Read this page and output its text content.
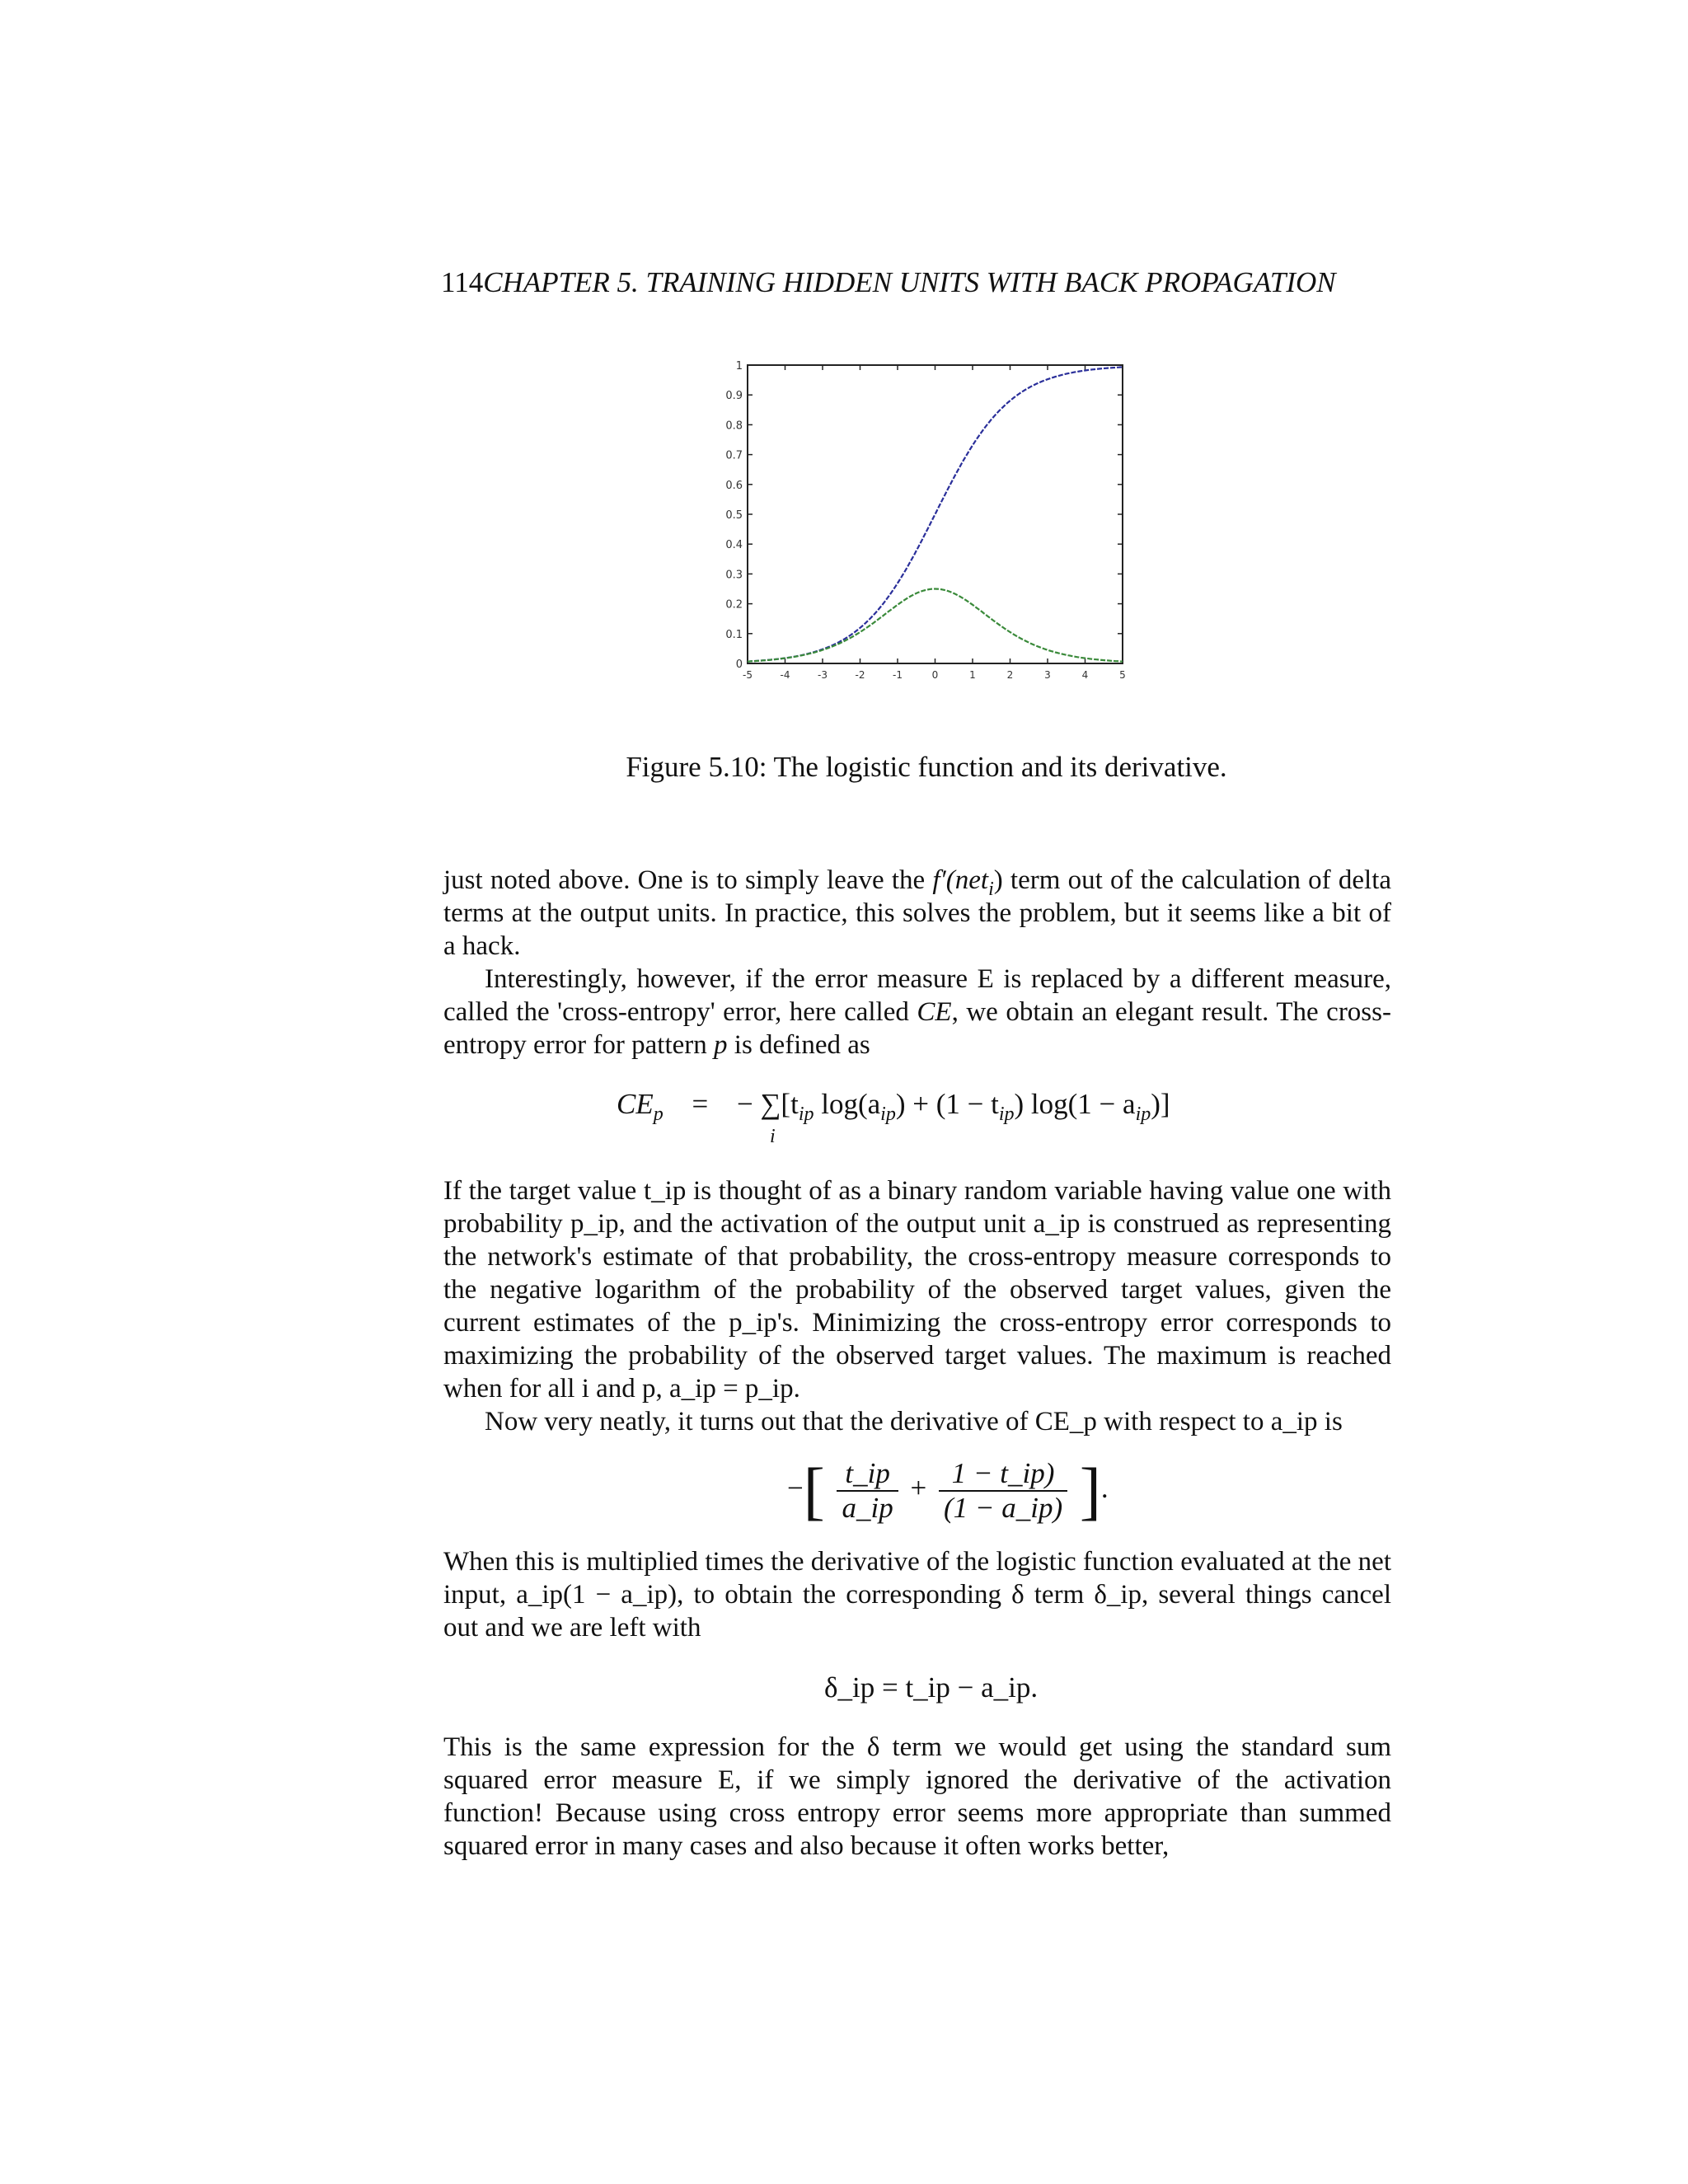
114CHAPTER 5. TRAINING HIDDEN UNITS WITH BACK PROPAGATION
-5	-4	-3	-2	-1	0	1	2	3	4	5
0
0.1
0.2
0.3
0.4
0.5
0.6
0.7
0.8
0.9
1
Figure 5.10: The logistic function and its derivative.

just noted above. One is to simply leave the f′(net$_i$) term out of the calculation of delta terms at the output units. In practice, this solves the problem, but it seems like a bit of a hack.

Interestingly, however, if the error measure E is replaced by a different measure, called the 'cross-entropy' error, here called CE, we obtain an elegant result. The cross-entropy error for pattern p is defined as

$CE_p$ = − $\sum[t_{ip}$ $\log(a_{ip}) + (1 - t_{ip}) \log(1 - a_{ip})$]
i

If the target value t_ip is thought of as a binary random variable having value one with probability p_ip, and the activation of the output unit a_ip is construed as representing the network's estimate of that probability, the cross-entropy measure corresponds to the negative logarithm of the probability of the observed target values, given the current estimates of the p_ip's. Minimizing the cross-entropy error corresponds to maximizing the probability of the observed target values. The maximum is reached when for all i and p, a_ip = p_ip.

Now very neatly, it turns out that the derivative of CE_p with respect to a_ip is

−[ $\frac{t\_ip}{a\_ip} + \frac{1 - t\_ip)}{(1 - a\_ip)}$ ].
When this is multiplied times the derivative of the logistic function evaluated at the net input, a_ip(1 − a_ip), to obtain the corresponding δ term δ_ip, several things cancel out and we are left with
δ_ip = t_ip − a_ip.
This is the same expression for the δ term we would get using the standard sum squared error measure E, if we simply ignored the derivative of the activation function! Because using cross entropy error seems more appropriate than summed squared error in many cases and also because it often works better,
